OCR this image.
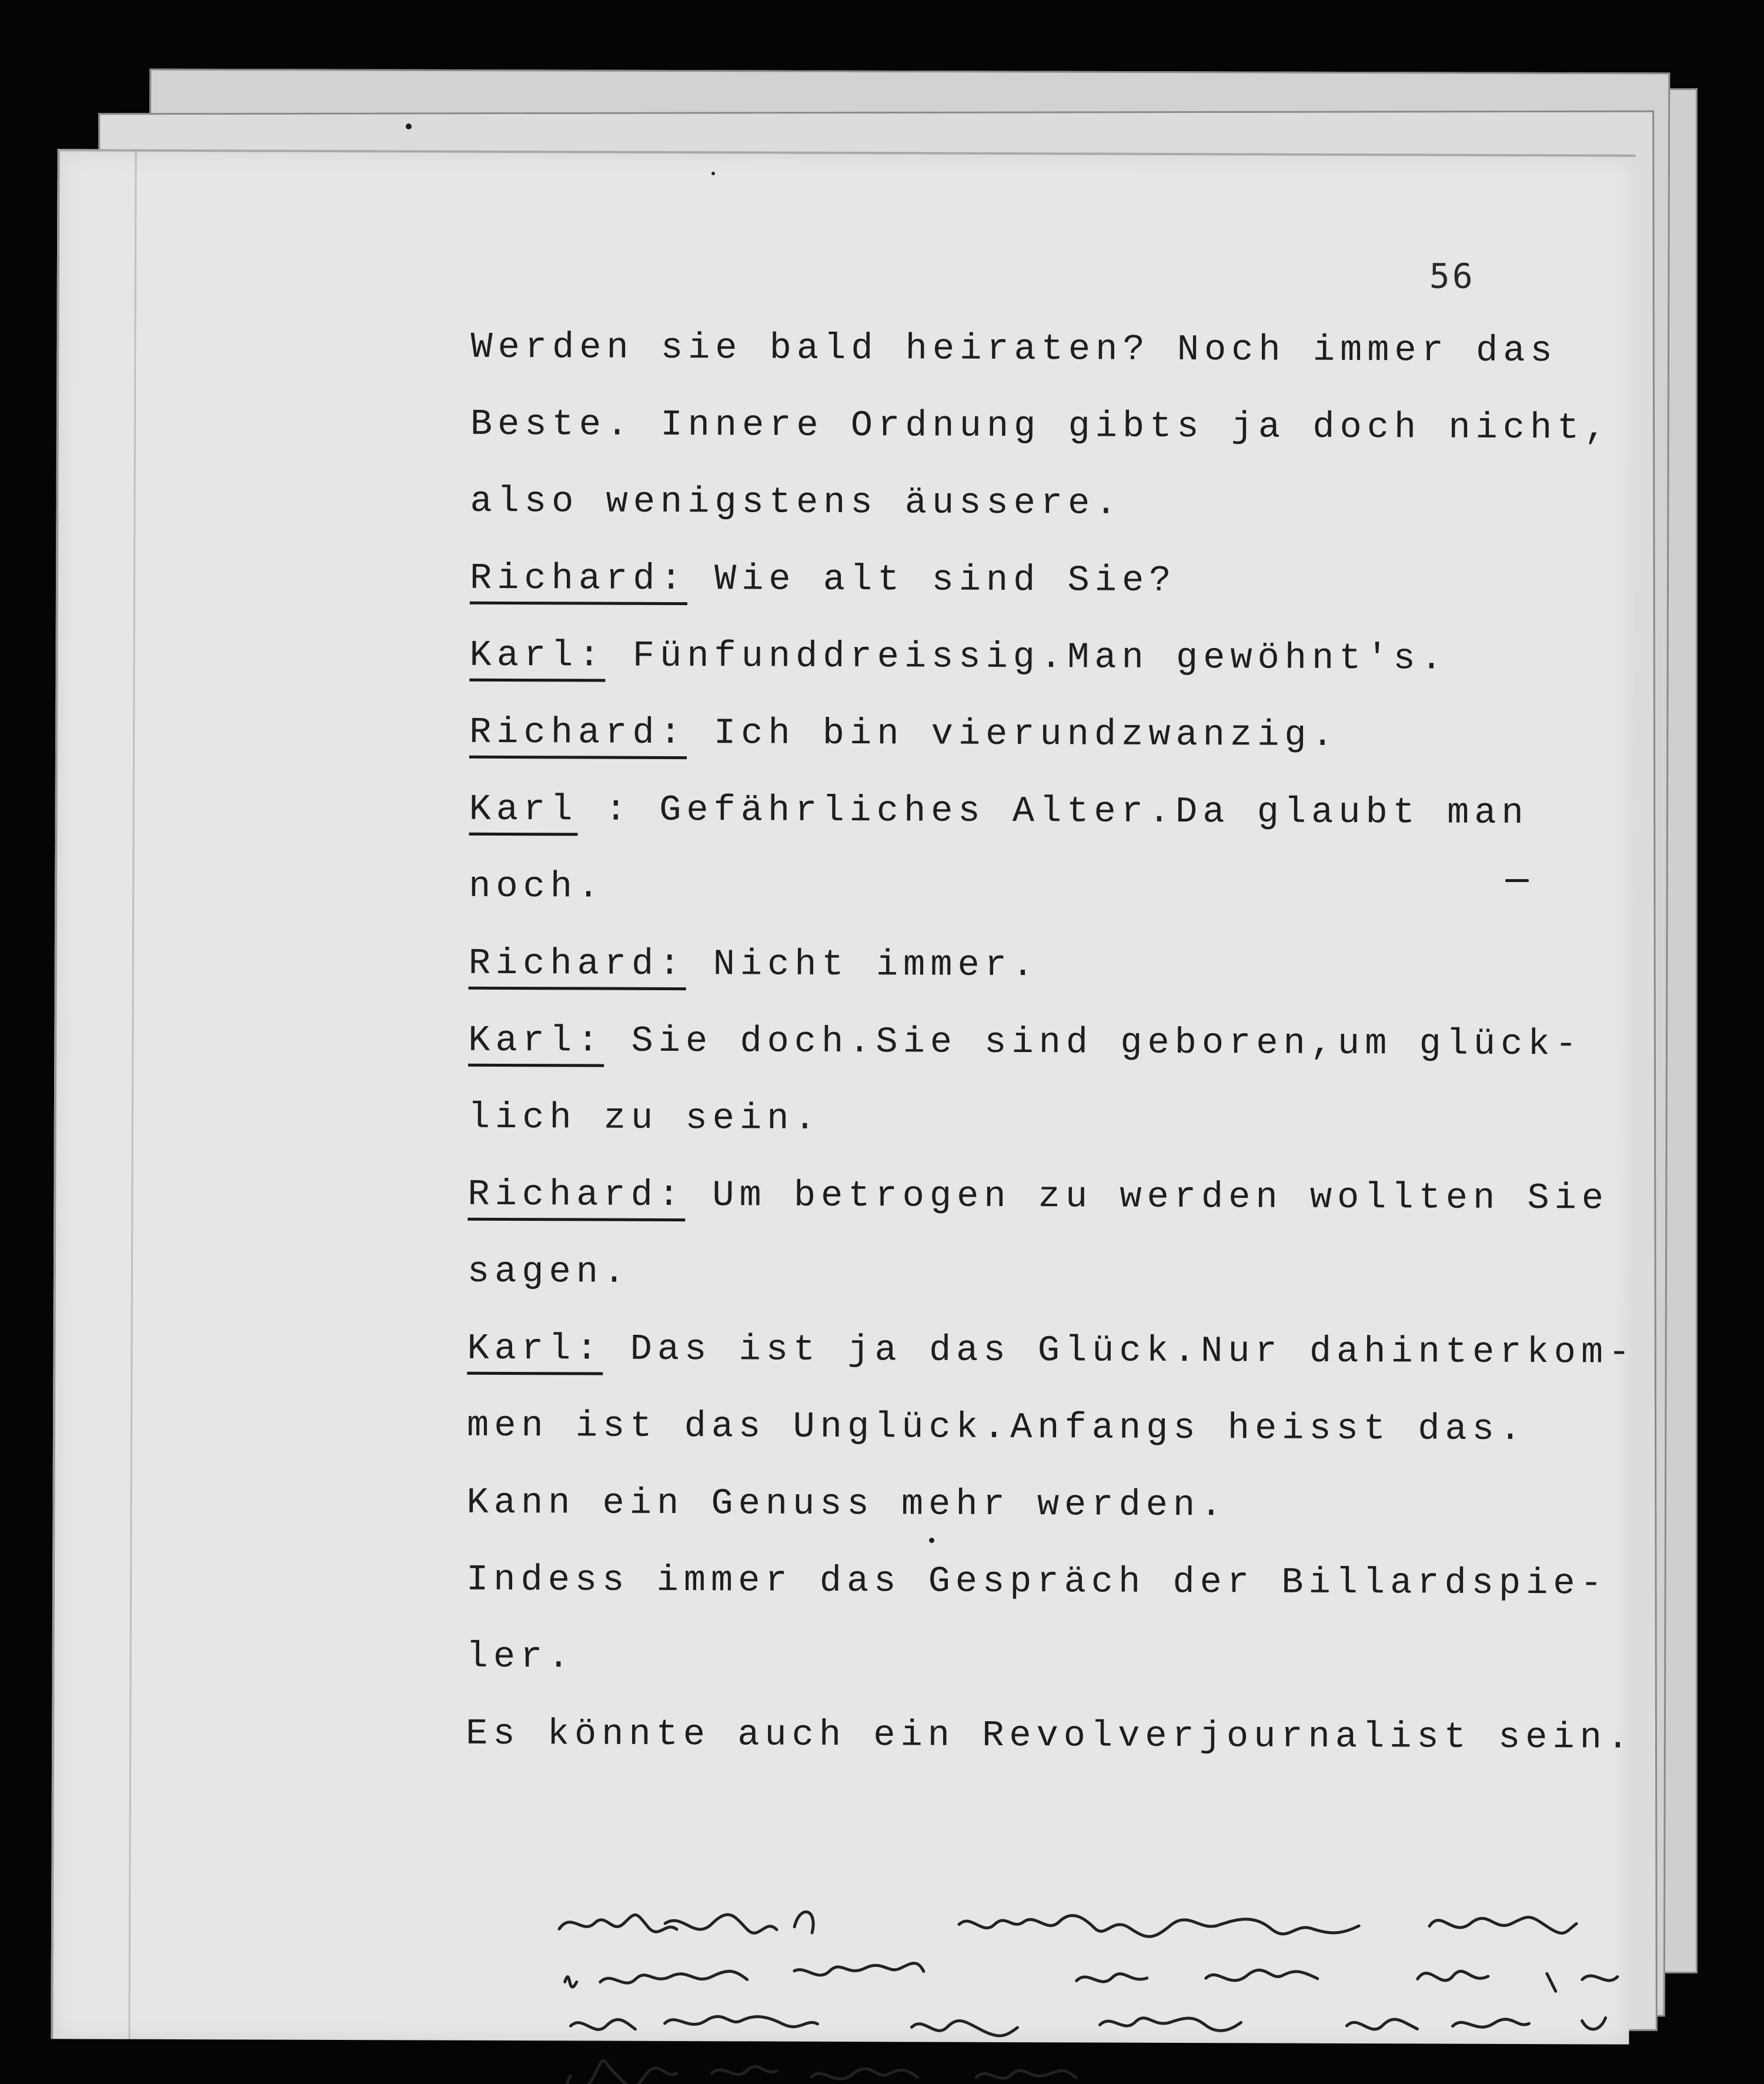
56
Werden sie bald heiraten? Noch immer das
Beste. Innere Ordnung gibts ja doch nicht,
also wenigstens äussere.
Richard: Wie alt sind Sie?
Karl: Fünfunddreissig.Man gewöhnt's.
Richard: Ich bin vierundzwanzig.
Karl : Gefährliches Alter.Da glaubt man
noch.
Richard: Nicht immer.
Karl: Sie doch.Sie sind geboren,um glück-
lich zu sein.
Richard: Um betrogen zu werden wollten Sie
sagen.
Karl: Das ist ja das Glück.Nur dahinterkom-
men ist das Unglück.Anfangs heisst das.
Kann ein Genuss mehr werden.
Indess immer das Gespräch der Billardspie-
ler.
Es könnte auch ein Revolverjournalist sein.
